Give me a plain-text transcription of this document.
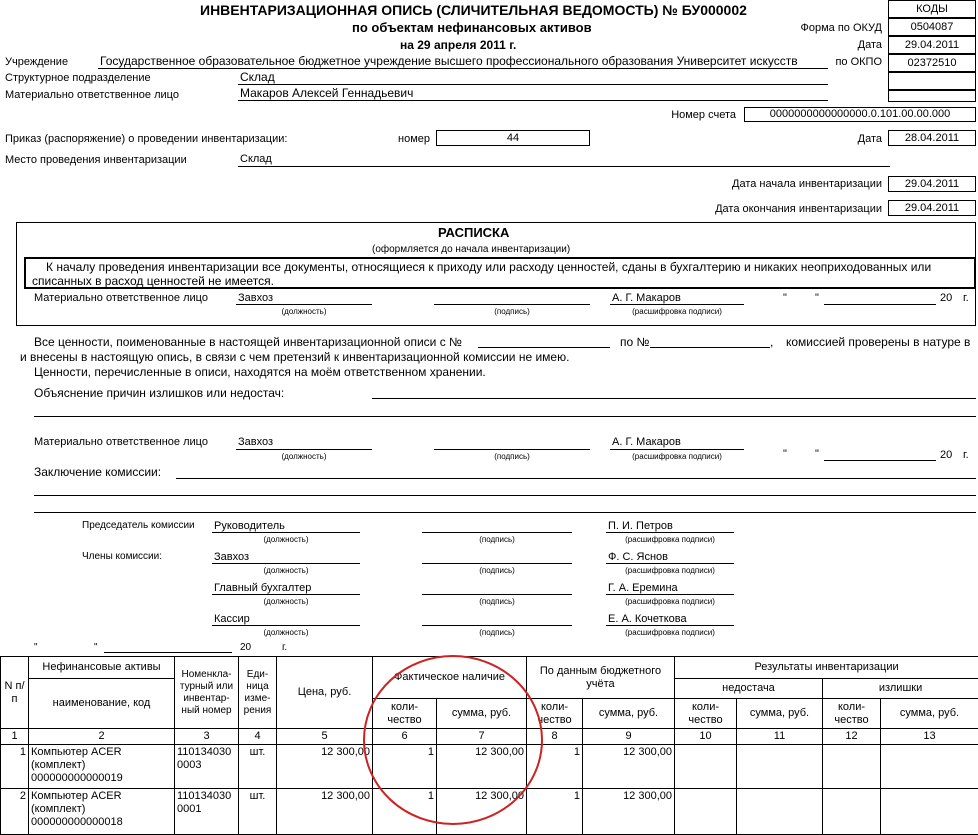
ИНВЕНТАРИЗАЦИОННАЯ ОПИСЬ (СЛИЧИТЕЛЬНАЯ ВЕДОМОСТЬ) № БУ000002
по объектам нефинансовых активов
на 29 апреля 2011 г.
КОДЫ
Форма по ОКУД	0504087
Дата	29.04.2011
по ОКПО	02372510
Учреждение	Государственное образовательное бюджетное учреждение высшего профессионального образования Университет искусств
Структурное подразделение	Склад
Материально ответственное лицо	Макаров Алексей Геннадьевич
Номер счета	0000000000000000.0.101.00.00.000
Приказ (распоряжение) о проведении инвентаризации:	номер	44	Дата	28.04.2011
Место проведения инвентаризации	Склад
Дата начала инвентаризации	29.04.2011
Дата окончания инвентаризации	29.04.2011
РАСПИСКА
(оформляется до начала инвентаризации)
К началу проведения инвентаризации все документы, относящиеся к приходу или расходу ценностей, сданы в бухгалтерию и никаких неоприходованных или
списанных в расход ценностей не имеется.
Материально ответственное лицо	Завхоз
(должность)	(подпись)
А. Г. Макаров
(расшифровка подписи)
"	"	20 г.
Все ценности, поименованные в настоящей инвентаризационной описи с №	по №	, комиссией проверены в натуре в
и внесены в настоящую опись, в связи с чем претензий к инвентаризационной комиссии не имею.
Ценности, перечисленные в описи, находятся на моём ответственном хранении.
Объяснение причин излишков или недостач:
Материально ответственное лицо	Завхоз
(должность)	(подпись)
А. Г. Макаров
(расшифровка подписи)	"	"	20 г.
Заключение комиссии:
Председатель комиссии Руководитель
(должность)	(подпись)
П. И. Петров
(расшифровка подписи)
Члены комиссии:	Завхоз
(должность)	(подпись)
Ф. С. Яснов
(расшифровка подписи)
Главный бухгалтер
(должность)	(подпись)
Г. А. Еремина
(расшифровка подписи)
Кассир
(должность)	(подпись)
Е. А. Кочеткова
(расшифровка подписи)
"	"	20	г.
N п/п	Нефинансовые активы	Номенкла-турный или инвентар-ный номер	Еди-ница изме-рения	Цена, руб.	Фактическое наличие		По данным бюджетного учёта		Результаты инвентаризации			
	наименование, код								недостача		излишки	
					коли-чество	сумма, руб.	коли-чество	сумма, руб.	коли-чество	сумма, руб.	коли-чество	сумма, руб.
1	2	3	4	5	6	7	8	9	10	11	12	13
1	Компьютер ACER (комплект) 000000000000019	110134030 0003	шт.	12 300,00	1	12 300,00	1	12 300,00				
2	Компьютер ACER (комплект) 000000000000018	110134030 0001	шт.	12 300,00	1	12 300,00	1	12 300,00				
